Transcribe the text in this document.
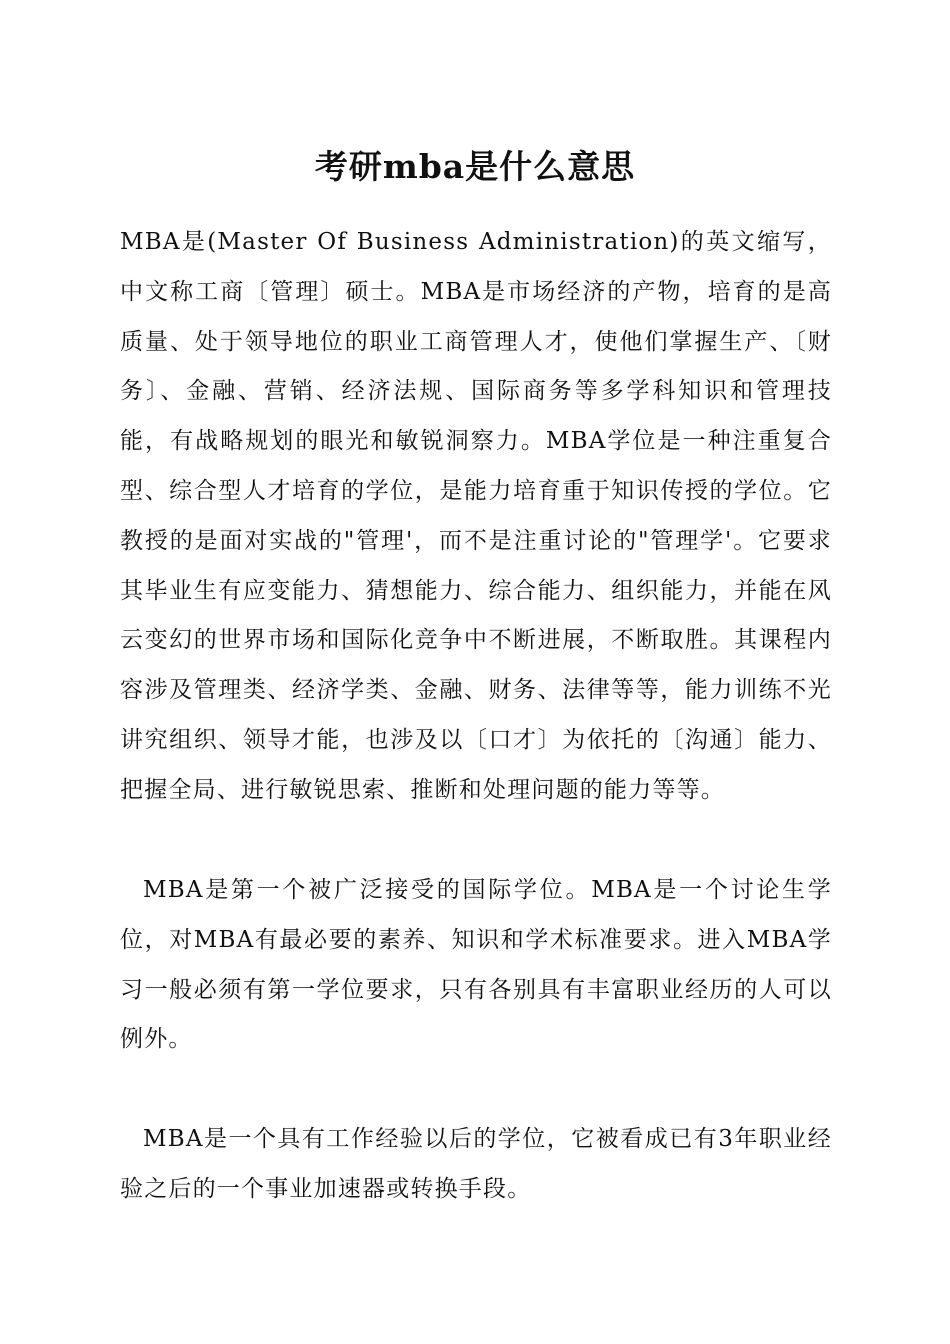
考研mba是什么意思

MBA是(Master Of Business Administration)的英文缩写，中文称工商〔管理〕硕士。MBA是市场经济的产物，培育的是高质量、处于领导地位的职业工商管理人才，使他们掌握生产、〔财务〕、金融、营销、经济法规、国际商务等多学科知识和管理技能，有战略规划的眼光和敏锐洞察力。MBA学位是一种注重复合型、综合型人才培育的学位，是能力培育重于知识传授的学位。它教授的是面对实战的"管理'，而不是注重讨论的"管理学'。它要求其毕业生有应变能力、猜想能力、综合能力、组织能力，并能在风云变幻的世界市场和国际化竞争中不断进展，不断取胜。其课程内容涉及管理类、经济学类、金融、财务、法律等等，能力训练不光讲究组织、领导才能，也涉及以〔口才〕为依托的〔沟通〕能力、把握全局、进行敏锐思索、推断和处理问题的能力等等。

MBA是第一个被广泛接受的国际学位。MBA是一个讨论生学位，对MBA有最必要的素养、知识和学术标准要求。进入MBA学习一般必须有第一学位要求，只有各别具有丰富职业经历的人可以例外。

MBA是一个具有工作经验以后的学位，它被看成已有3年职业经验之后的一个事业加速器或转换手段。
